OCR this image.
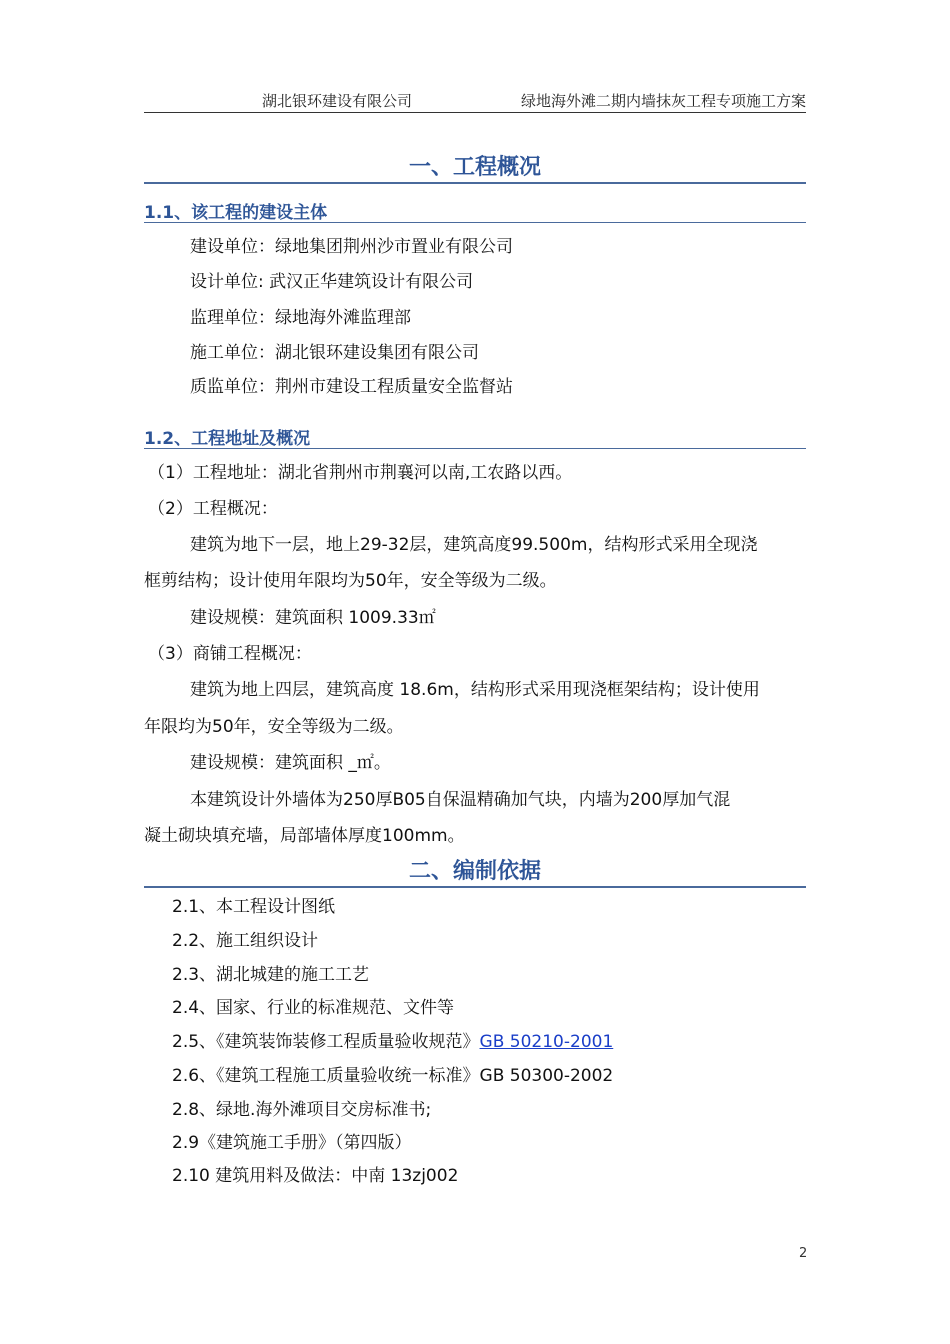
湖北银环建设有限公司	绿地海外滩二期内墙抹灰工程专项施工方案
一、工程概况
1.1、该工程的建设主体
建设单位：绿地集团荆州沙市置业有限公司
设计单位: 武汉正华建筑设计有限公司
监理单位：绿地海外滩监理部
施工单位：湖北银环建设集团有限公司
质监单位：荆州市建设工程质量安全监督站
1.2、工程地址及概况
（1）工程地址：湖北省荆州市荆襄河以南,工农路以西。
（2）工程概况：
建筑为地下一层，地上29-32层，建筑高度99.500m，结构形式采用全现浇
框剪结构；设计使用年限均为50年，安全等级为二级。
建设规模：建筑面积 1009.33㎡
（3）商铺工程概况：
建筑为地上四层，建筑高度 18.6m，结构形式采用现浇框架结构；设计使用
年限均为50年，安全等级为二级。
建设规模：建筑面积 _㎡。
本建筑设计外墙体为250厚B05自保温精确加气块，内墙为200厚加气混
凝土砌块填充墙，局部墙体厚度100mm。
二、编制依据
2.1、本工程设计图纸
2.2、施工组织设计
2.3、湖北城建的施工工艺
2.4、国家、行业的标准规范、文件等
2.5、《建筑装饰装修工程质量验收规范》GB 50210-2001
2.6、《建筑工程施工质量验收统一标准》GB 50300-2002
2.8、绿地.海外滩项目交房标准书;
2.9《建筑施工手册》（第四版）
2.10 建筑用料及做法：中南 13zj002
2
